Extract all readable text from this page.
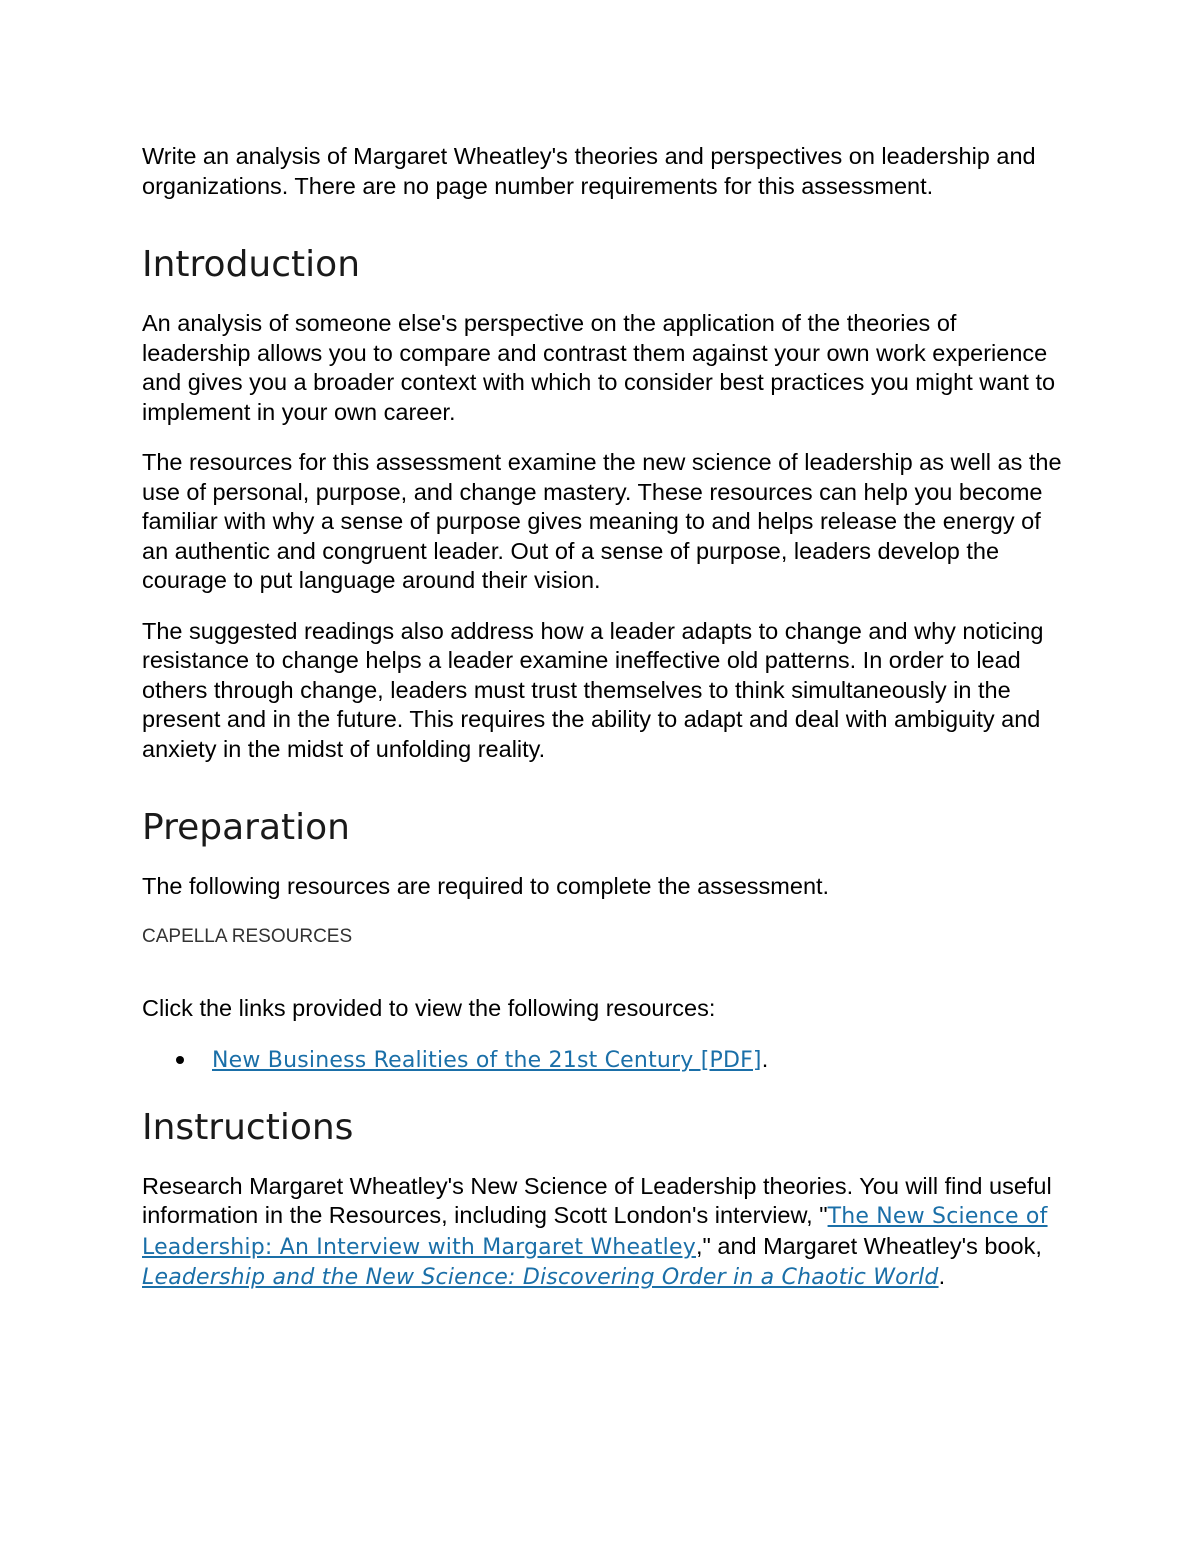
Write an analysis of Margaret Wheatley's theories and perspectives on leadership and organizations. There are no page number requirements for this assessment.

Introduction

An analysis of someone else's perspective on the application of the theories of leadership allows you to compare and contrast them against your own work experience and gives you a broader context with which to consider best practices you might want to implement in your own career.

The resources for this assessment examine the new science of leadership as well as the use of personal, purpose, and change mastery. These resources can help you become familiar with why a sense of purpose gives meaning to and helps release the energy of an authentic and congruent leader. Out of a sense of purpose, leaders develop the courage to put language around their vision.

The suggested readings also address how a leader adapts to change and why noticing resistance to change helps a leader examine ineffective old patterns. In order to lead others through change, leaders must trust themselves to think simultaneously in the present and in the future. This requires the ability to adapt and deal with ambiguity and anxiety in the midst of unfolding reality.

Preparation

The following resources are required to complete the assessment.

CAPELLA RESOURCES

Click the links provided to view the following resources:

New Business Realities of the 21st Century [PDF].
Instructions

Research Margaret Wheatley's New Science of Leadership theories. You will find useful information in the Resources, including Scott London's interview, "The New Science of Leadership: An Interview with Margaret Wheatley," and Margaret Wheatley's book, Leadership and the New Science: Discovering Order in a Chaotic World.
